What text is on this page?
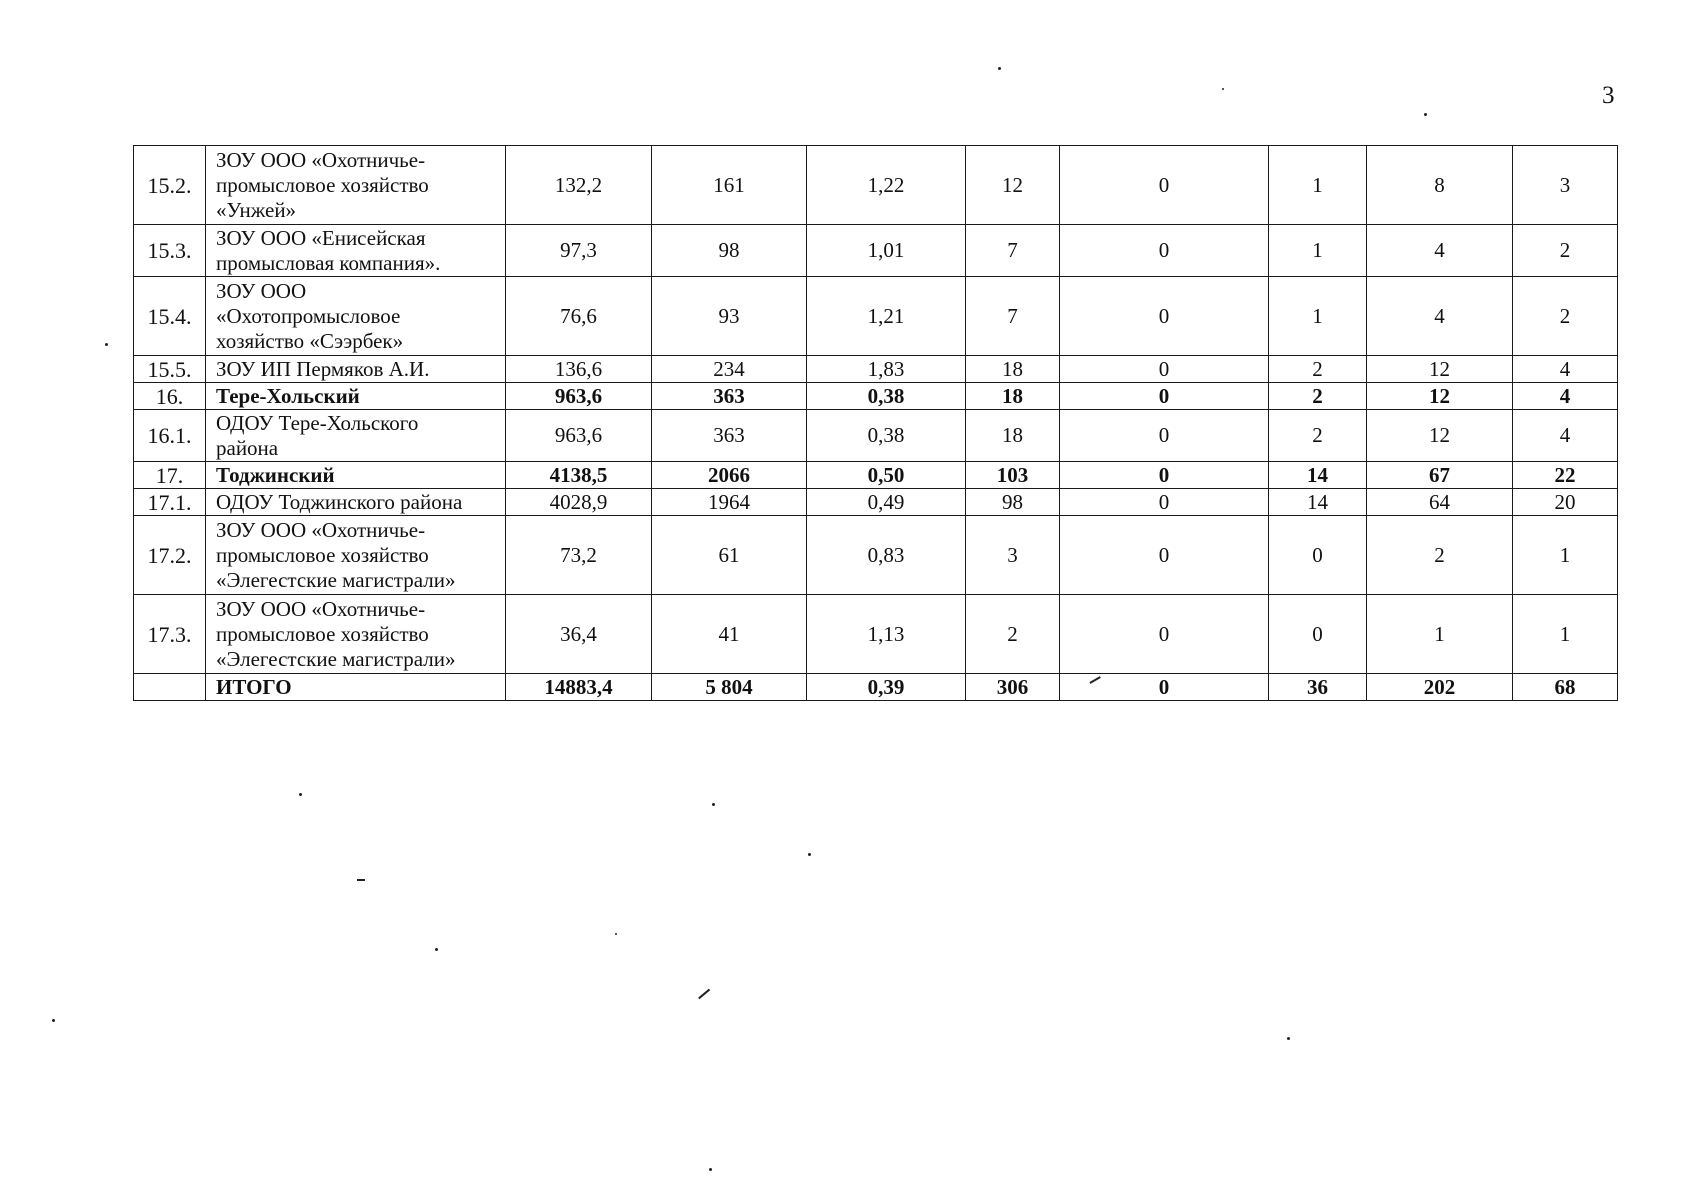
3
15.2.	ЗОУ ООО «Охотничье-
промысловое хозяйство
«Унжей»	132,2	161	1,22	12	0	1	8	3
15.3.	ЗОУ ООО «Енисейская
промысловая компания».	97,3	98	1,01	7	0	1	4	2
15.4.	ЗОУ ООО
«Охотопромысловое
хозяйство «Сээрбек»	76,6	93	1,21	7	0	1	4	2
15.5.	ЗОУ ИП Пермяков А.И.	136,6	234	1,83	18	0	2	12	4
16.	Тере-Хольский	963,6	363	0,38	18	0	2	12	4
16.1.	ОДОУ Тере-Хольского
района	963,6	363	0,38	18	0	2	12	4
17.	Тоджинский	4138,5	2066	0,50	103	0	14	67	22
17.1.	ОДОУ Тоджинского района	4028,9	1964	0,49	98	0	14	64	20
17.2.	ЗОУ ООО «Охотничье-
промысловое хозяйство
«Элегестские магистрали»	73,2	61	0,83	3	0	0	2	1
17.3.	ЗОУ ООО «Охотничье-
промысловое хозяйство
«Элегестские магистрали»	36,4	41	1,13	2	0	0	1	1
	ИТОГО	14883,4	5 804	0,39	306	0	36	202	68
